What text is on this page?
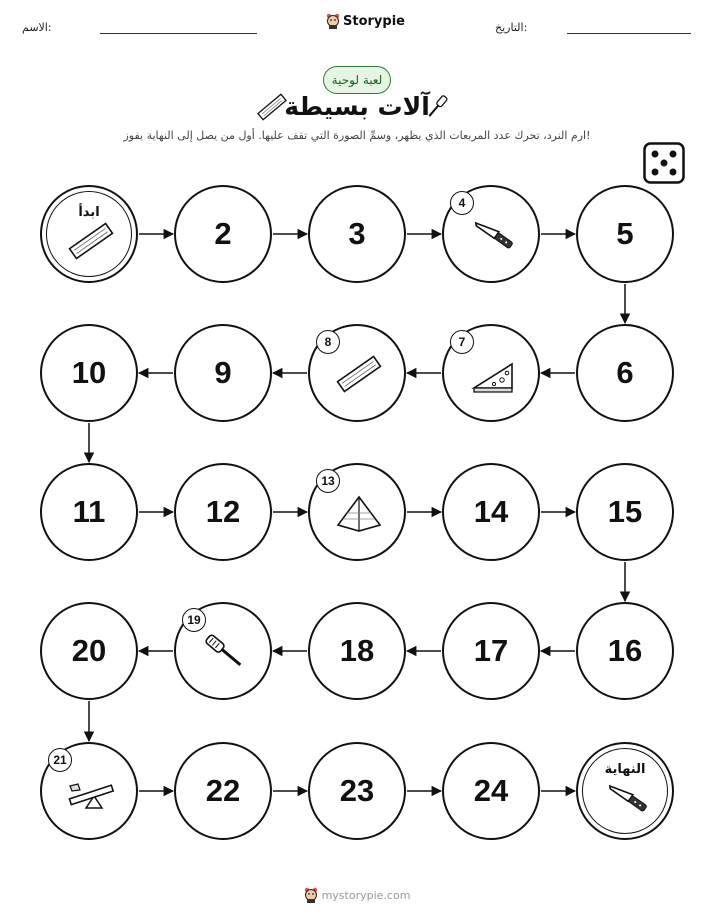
الاسم:	Storypie	التاريخ:
لعبة لوحية
آلات بسيطة
ارم النرد، تحرك عدد المربعات الذي يظهر، وسمِّ الصورة التي تقف عليها. أول من يصل إلى النهاية يفوز!
ابدأ
2	3
4
5
6
7
8
9
10
11	12
13
14	15
16
17
18
19
20
21
22	23	24
النهاية
mystorypie.com
